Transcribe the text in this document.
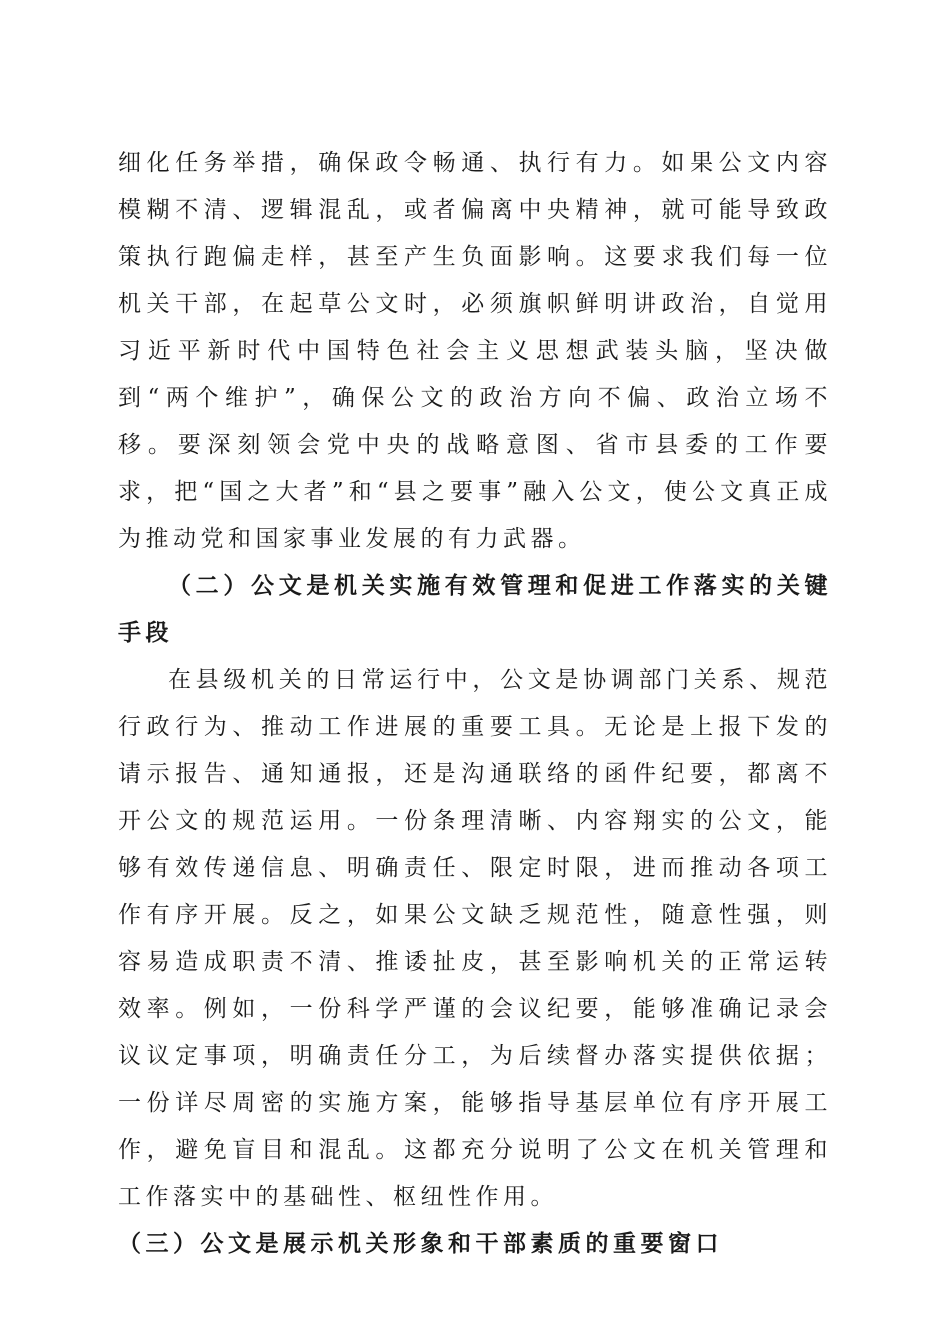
细化任务举措，确保政令畅通、执行有力。如果公文内容模糊不清、逻辑混乱，或者偏离中央精神，就可能导致政策执行跑偏走样，甚至产生负面影响。这要求我们每一位机关干部，在起草公文时，必须旗帜鲜明讲政治，自觉用习近平新时代中国特色社会主义思想武装头脑，坚决做到“两个维护”，确保公文的政治方向不偏、政治立场不移。要深刻领会党中央的战略意图、省市县委的工作要求，把“国之大者”和“县之要事”融入公文，使公文真正成为推动党和国家事业发展的有力武器。

（二）公文是机关实施有效管理和促进工作落实的关键手段

在县级机关的日常运行中，公文是协调部门关系、规范行政行为、推动工作进展的重要工具。无论是上报下发的请示报告、通知通报，还是沟通联络的函件纪要，都离不开公文的规范运用。一份条理清晰、内容翔实的公文，能够有效传递信息、明确责任、限定时限，进而推动各项工作有序开展。反之，如果公文缺乏规范性，随意性强，则容易造成职责不清、推诿扯皮，甚至影响机关的正常运转效率。例如，一份科学严谨的会议纪要，能够准确记录会议议定事项，明确责任分工，为后续督办落实提供依据；一份详尽周密的实施方案，能够指导基层单位有序开展工作，避免盲目和混乱。这都充分说明了公文在机关管理和工作落实中的基础性、枢纽性作用。

（三）公文是展示机关形象和干部素质的重要窗口
